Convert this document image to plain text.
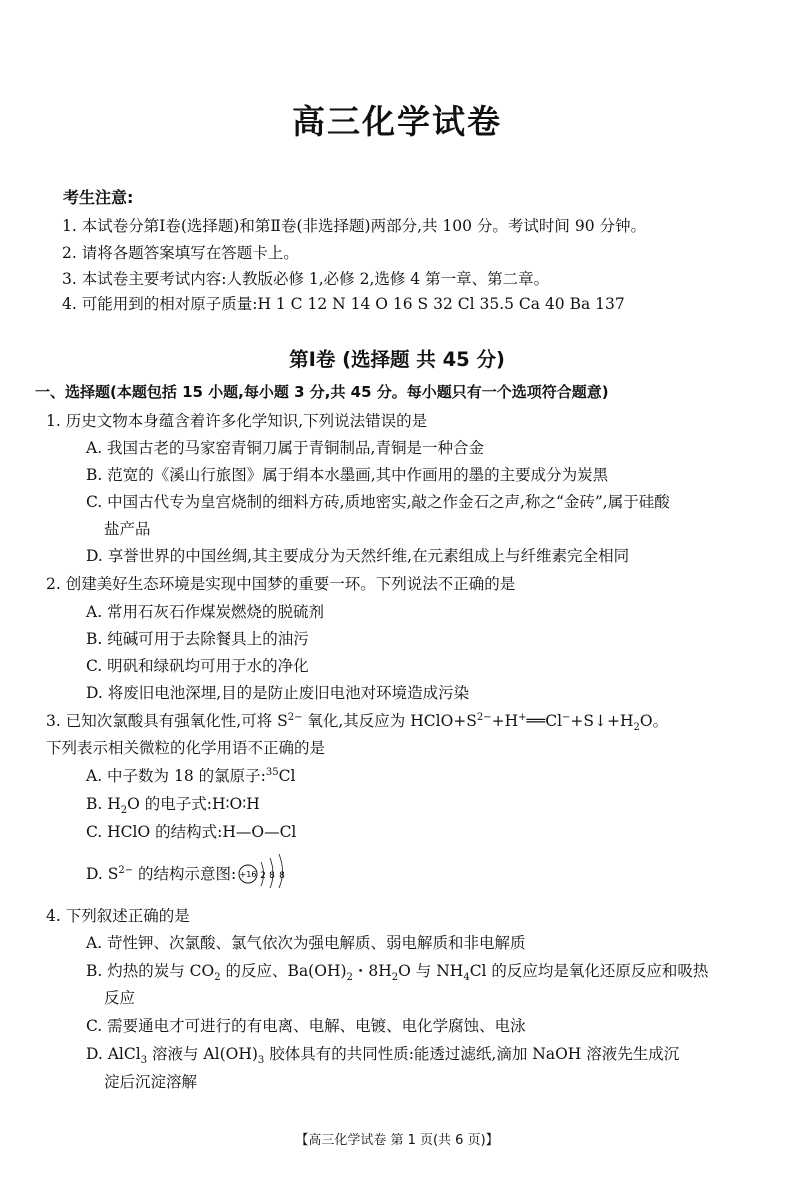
高三化学试卷
考生注意:
1. 本试卷分第Ⅰ卷(选择题)和第Ⅱ卷(非选择题)两部分,共 100 分。考试时间 90 分钟。
2. 请将各题答案填写在答题卡上。
3. 本试卷主要考试内容:人教版必修 1,必修 2,选修 4 第一章、第二章。
4. 可能用到的相对原子质量:H 1 C 12 N 14 O 16 S 32 Cl 35.5 Ca 40 Ba 137
第Ⅰ卷 (选择题 共 45 分)
一、选择题(本题包括 15 小题,每小题 3 分,共 45 分。每小题只有一个选项符合题意)
1. 历史文物本身蕴含着许多化学知识,下列说法错误的是
A. 我国古老的马家窑青铜刀属于青铜制品,青铜是一种合金
B. 范宽的《溪山行旅图》属于绢本水墨画,其中作画用的墨的主要成分为炭黑
C. 中国古代专为皇宫烧制的细料方砖,质地密实,敲之作金石之声,称之“金砖”,属于硅酸
盐产品
D. 享誉世界的中国丝绸,其主要成分为天然纤维,在元素组成上与纤维素完全相同
2. 创建美好生态环境是实现中国梦的重要一环。下列说法不正确的是
A. 常用石灰石作煤炭燃烧的脱硫剂
B. 纯碱可用于去除餐具上的油污
C. 明矾和绿矾均可用于水的净化
D. 将废旧电池深埋,目的是防止废旧电池对环境造成污染
3. 已知次氯酸具有强氧化性,可将 $S^{2-}$ 氧化,其反应为 $HClO+S^{2-}+H^+══Cl^-+S↓+H_2O$。
下列表示相关微粒的化学用语不正确的是
A. 中子数为 18 的氯原子:$^{35}$Cl
B. $H_2O$ 的电子式:H∶O∶H
C. HClO 的结构式:H—O—Cl
D. $S^{2-}$ 的结构示意图: +16 2 8 8
4. 下列叙述正确的是
A. 苛性钾、次氯酸、氯气依次为强电解质、弱电解质和非电解质
B. 灼热的炭与 $CO_2$ 的反应、$Ba(OH)_2$・$8H_2O$ 与 $NH_4Cl$ 的反应均是氧化还原反应和吸热
反应
C. 需要通电才可进行的有电离、电解、电镀、电化学腐蚀、电泳
D. AlCl$_3$ 溶液与 $Al(OH)_3$ 胶体具有的共同性质:能透过滤纸,滴加 NaOH 溶液先生成沉
淀后沉淀溶解
【高三化学试卷 第 1 页(共 6 页)】
